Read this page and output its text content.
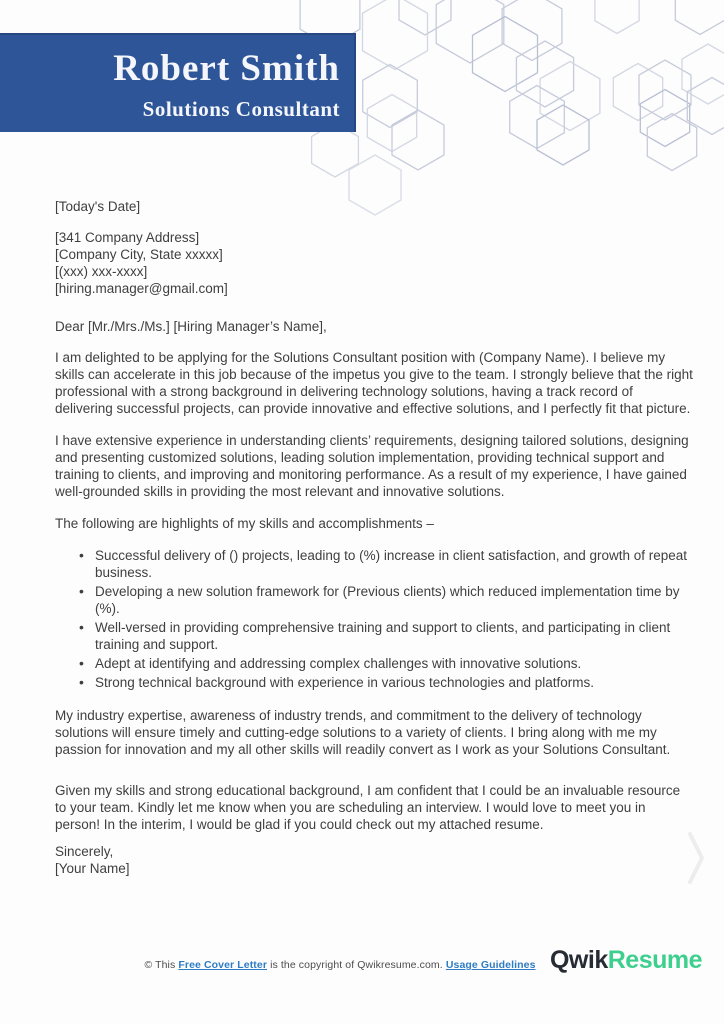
Robert Smith
Solutions Consultant

[Today's Date]

[341 Company Address]
[Company City, State xxxxx]
[(xxx) xxx-xxxx]
[hiring.manager@gmail.com]

Dear [Mr./Mrs./Ms.] [Hiring Manager’s Name],

I am delighted to be applying for the Solutions Consultant position with (Company Name). I believe my skills can accelerate in this job because of the impetus you give to the team. I strongly believe that the right professional with a strong background in delivering technology solutions, having a track record of delivering successful projects, can provide innovative and effective solutions, and I perfectly fit that picture.

I have extensive experience in understanding clients’ requirements, designing tailored solutions, designing and presenting customized solutions, leading solution implementation, providing technical support and training to clients, and improving and monitoring performance. As a result of my experience, I have gained well-grounded skills in providing the most relevant and innovative solutions.

The following are highlights of my skills and accomplishments –

• Successful delivery of () projects, leading to (%) increase in client satisfaction, and growth of repeat business.
• Developing a new solution framework for (Previous clients) which reduced implementation time by (%).
• Well-versed in providing comprehensive training and support to clients, and participating in client training and support.
• Adept at identifying and addressing complex challenges with innovative solutions.
• Strong technical background with experience in various technologies and platforms.

My industry expertise, awareness of industry trends, and commitment to the delivery of technology solutions will ensure timely and cutting-edge solutions to a variety of clients. I bring along with me my passion for innovation and my all other skills will readily convert as I work as your Solutions Consultant.

Given my skills and strong educational background, I am confident that I could be an invaluable resource to your team. Kindly let me know when you are scheduling an interview. I would love to meet you in person! In the interim, I would be glad if you could check out my attached resume.

Sincerely,
[Your Name]
© This Free Cover Letter is the copyright of Qwikresume.com. Usage Guidelines QwikResume
